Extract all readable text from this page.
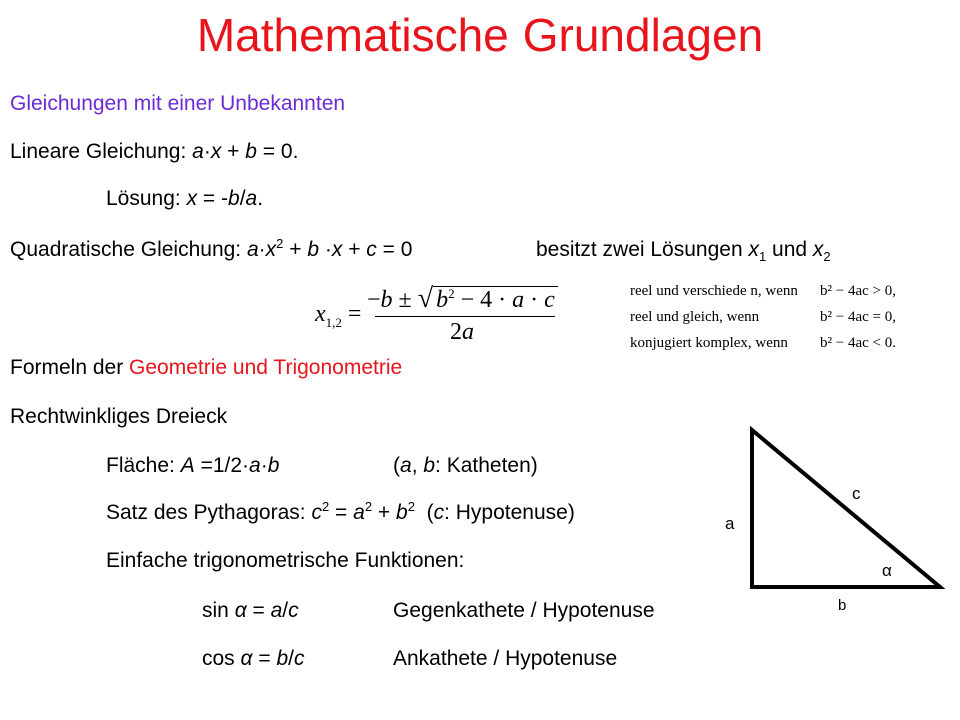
Mathematische Grundlagen
Gleichungen mit einer Unbekannten
Lineare Gleichung: a·x + b = 0.
Lösung: x = -b/a.
Quadratische Gleichung: $a\cdot x^2 + b \cdot x + c = 0$	besitzt zwei Lösungen $x_1$ und $x_2$
$x_{1,2}$ =
−b ± √ $b^2 - 4 \cdot a \cdot c$
2a
reel und verschiede n, wenn b² − 4ac > 0,
reel und gleich, wenn	b² − 4ac = 0,
konjugiert komplex, wenn b² − 4ac < 0.
Formeln der Geometrie und Trigonometrie
Rechtwinkliges Dreieck
Fläche: A =1/2·a·b	(a, b: Katheten)
Satz des Pythagoras: $c^2 = a^2 + b^2$  (c: Hypotenuse)
Einfache trigonometrische Funktionen:
sin α = a/c	Gegenkathete / Hypotenuse
cos α = b/c	Ankathete / Hypotenuse
a
c
α
b
